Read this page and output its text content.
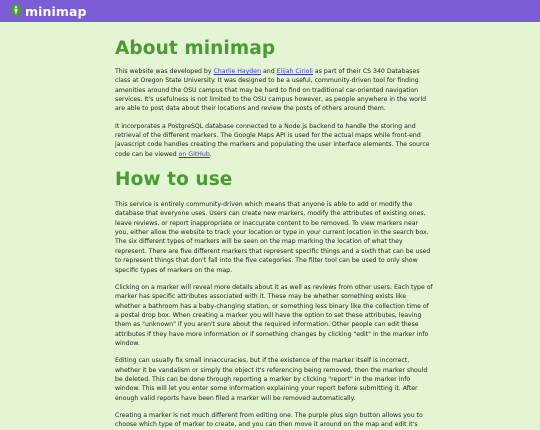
minimap
About minimap

This website was developed by Charlie Hayden and Elijah Cirioli as part of their CS 340 Databases class at Oregon State University. It was designed to be a useful, community-driven tool for finding amenities around the OSU campus that may be hard to find on traditional car-oriented navigation services. It's usefulness is not limited to the OSU campus however, as people anywhere in the world are able to post data about their locations and review the posts of others around them.

It incorporates a PostgreSQL database connected to a Node.js backend to handle the storing and retrieval of the different markers. The Google Maps API is used for the actual maps while front-end javascript code handles creating the markers and populating the user interface elements. The source code can be viewed on GitHub.

How to use

This service is entirely community-driven which means that anyone is able to add or modify the database that everyone uses. Users can create new markers, modify the attributes of existing ones, leave reviews, or report inappropriate or inaccurate content to be removed. To view markers near you, either allow the website to track your location or type in your current location in the search box. The six different types of markers will be seen on the map marking the location of what they represent. There are five different markers that represent specific things and a sixth that can be used to represent things that don't fall into the five categories. The filter tool can be used to only show specific types of markers on the map.

Clicking on a marker will reveal more details about it as well as reviews from other users. Each type of marker has specific attributes associated with it. These may be whether something exists like whether a bathroom has a baby-changing station, or something less binary like the collection time of a postal drop box. When creating a marker you will have the option to set these attributes, leaving them as "unknown" if you aren't sure about the required information. Other people can edit these attributes if they have more information or if something changes by clicking "edit" in the marker info window.

Editing can usually fix small innaccuracies, but if the existence of the marker itself is incorrect, whether it be vandalism or simply the object it's referencing being removed, then the marker should be deleted. This can be done through reporting a marker by clicking "report" in the marker info window. This will let you enter some information explaining your report before submitting it. After enough valid reports have been filed a marker will be removed automatically.

Creating a marker is not much different from editing one. The purple plus sign button allows you to choose which type of marker to create, and you can then move it around on the map and edit it's
